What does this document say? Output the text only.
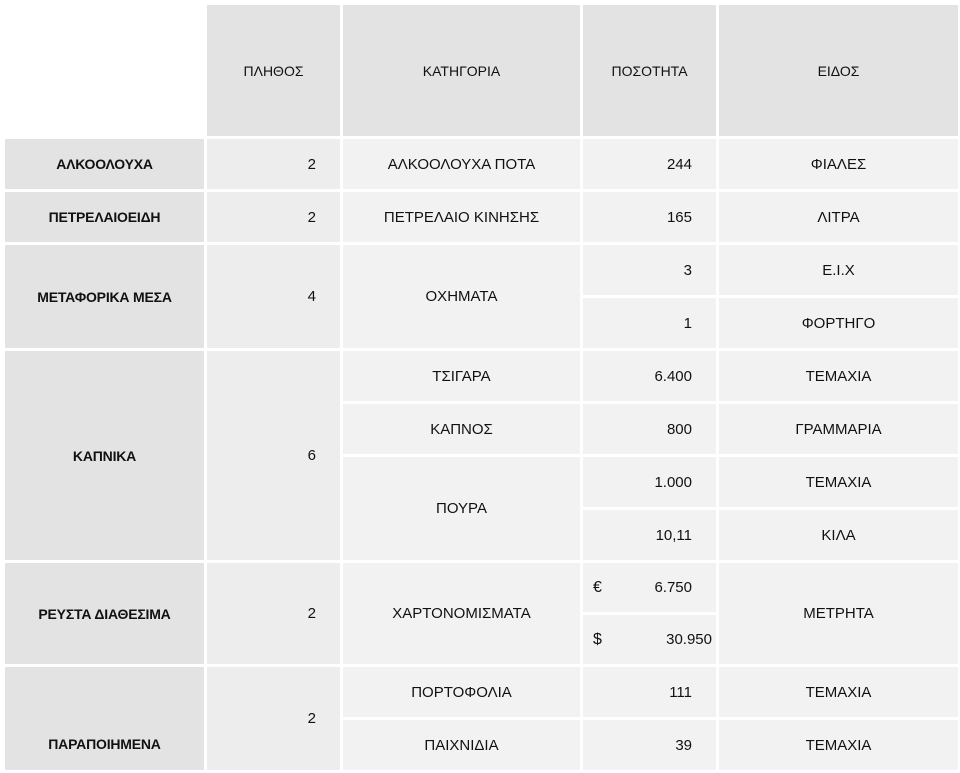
	ΠΛΗΘΟΣ	ΚΑΤΗΓΟΡΙΑ	ΠΟΣΟΤΗΤΑ	ΕΙΔΟΣ
ΑΛΚΟΟΛΟΥΧΑ	2	ΑΛΚΟΟΛΟΥΧΑ ΠΟΤΑ	244	ΦΙΑΛΕΣ
ΠΕΤΡΕΛΑΙΟΕΙΔΗ	2	ΠΕΤΡΕΛΑΙΟ ΚΙΝΗΣΗΣ	165	ΛΙΤΡΑ
ΜΕΤΑΦΟΡΙΚΑ ΜΕΣΑ	4	ΟΧΗΜΑΤΑ	3	Ε.Ι.Χ
			1	ΦΟΡΤΗΓΟ
ΚΑΠΝΙΚΑ	6	ΤΣΙΓΑΡΑ	6.400	ΤΕΜΑΧΙΑ
		ΚΑΠΝΟΣ	800	ΓΡΑΜΜΑΡΙΑ
		ΠΟΥΡΑ	1.000	ΤΕΜΑΧΙΑ
			10,11	ΚΙΛΑ
ΡΕΥΣΤΑ ΔΙΑΘΕΣΙΜΑ	2	ΧΑΡΤΟΝΟΜΙΣΜΑΤΑ	€ 6.750	ΜΕΤΡΗΤΑ

			$ 30.950	

ΠΑΡΑΠΟΙΗΜΕΝΑ	2	ΠΟΡΤΟΦΟΛΙΑ	111	ΤΕΜΑΧΙΑ
		ΠΑΙΧΝΙΔΙΑ	39	ΤΕΜΑΧΙΑ
